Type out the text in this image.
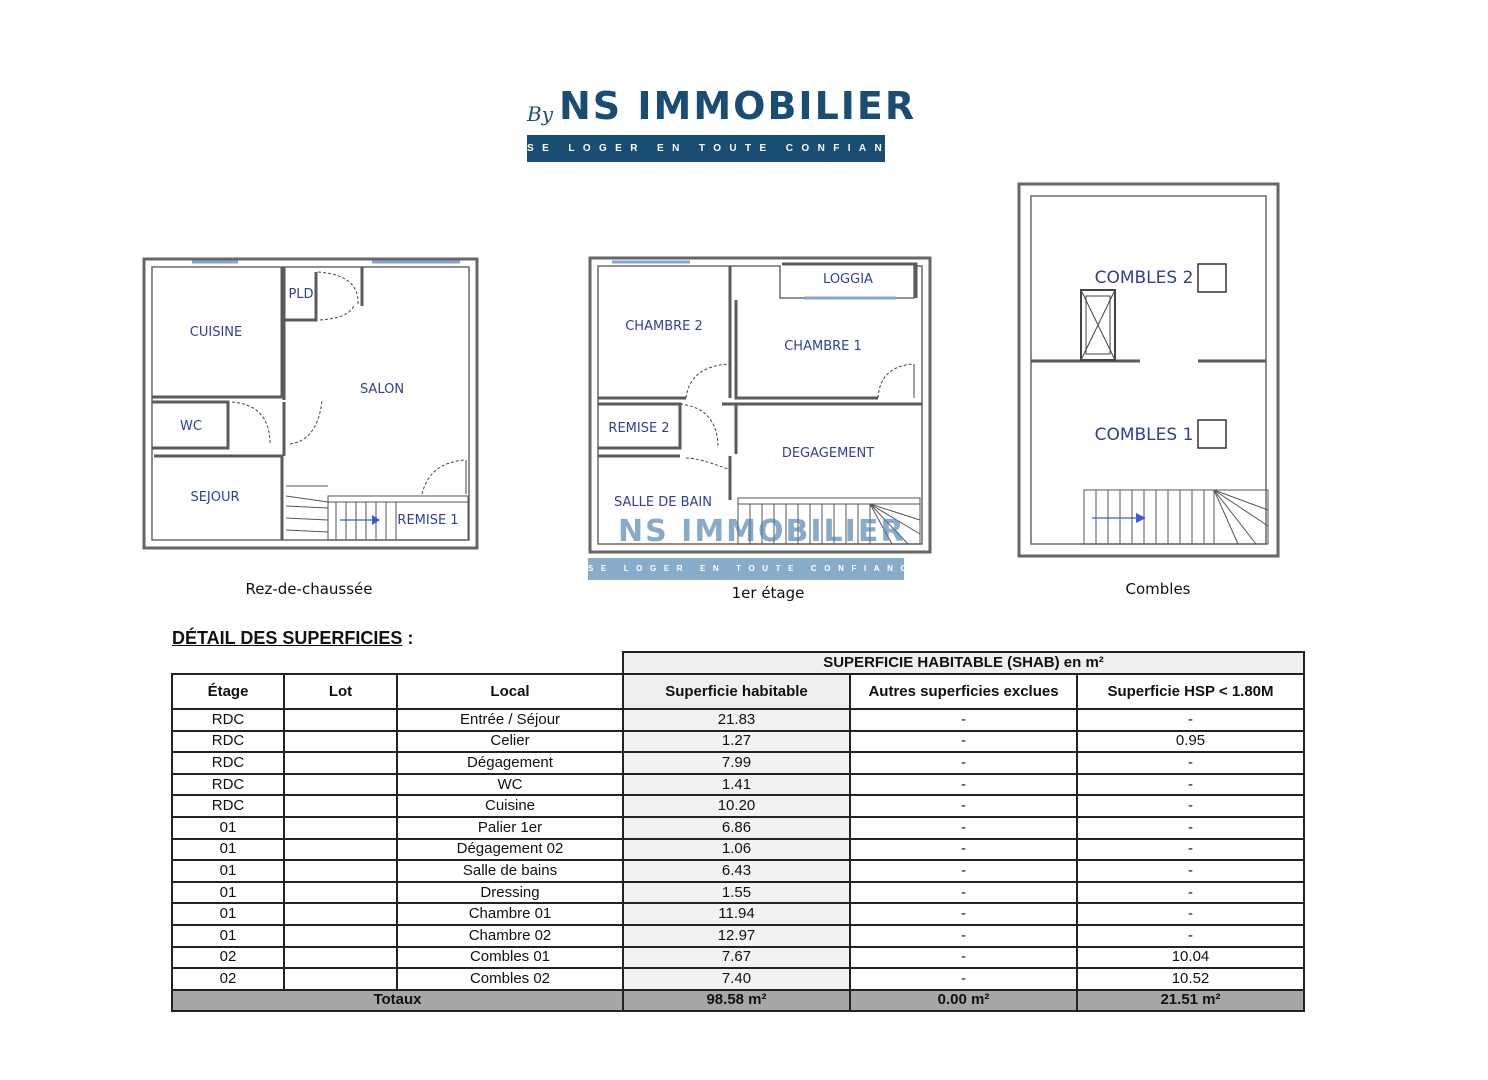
By NS IMMOBILIER
SE LOGER EN TOUTE CONFIANCE
CUISINE
PLD
SALON
WC
SEJOUR
REMISE 1
Rez-de-chaussée
LOGGIA
CHAMBRE 2
CHAMBRE 1
REMISE 2
DEGAGEMENT
SALLE DE BAIN
1er étage
COMBLES 2
COMBLES 1
Combles
NS IMMOBILIER
SE LOGER EN TOUTE CONFIANCE
DÉTAIL DES SUPERFICIES :
			SUPERFICIE HABITABLE (SHAB) en m²		
Étage	Lot	Local	Superficie habitable	Autres superficies exclues	Superficie HSP < 1.80M
RDC		Entrée / Séjour	21.83	-	-
RDC		Celier	1.27	-	0.95
RDC		Dégagement	7.99	-	-
RDC		WC	1.41	-	-
RDC		Cuisine	10.20	-	-
01		Palier 1er	6.86	-	-
01		Dégagement 02	1.06	-	-
01		Salle de bains	6.43	-	-
01		Dressing	1.55	-	-
01		Chambre 01	11.94	-	-
01		Chambre 02	12.97	-	-
02		Combles 01	7.67	-	10.04
02		Combles 02	7.40	-	10.52
Totaux			98.58 m²	0.00 m²	21.51 m²
